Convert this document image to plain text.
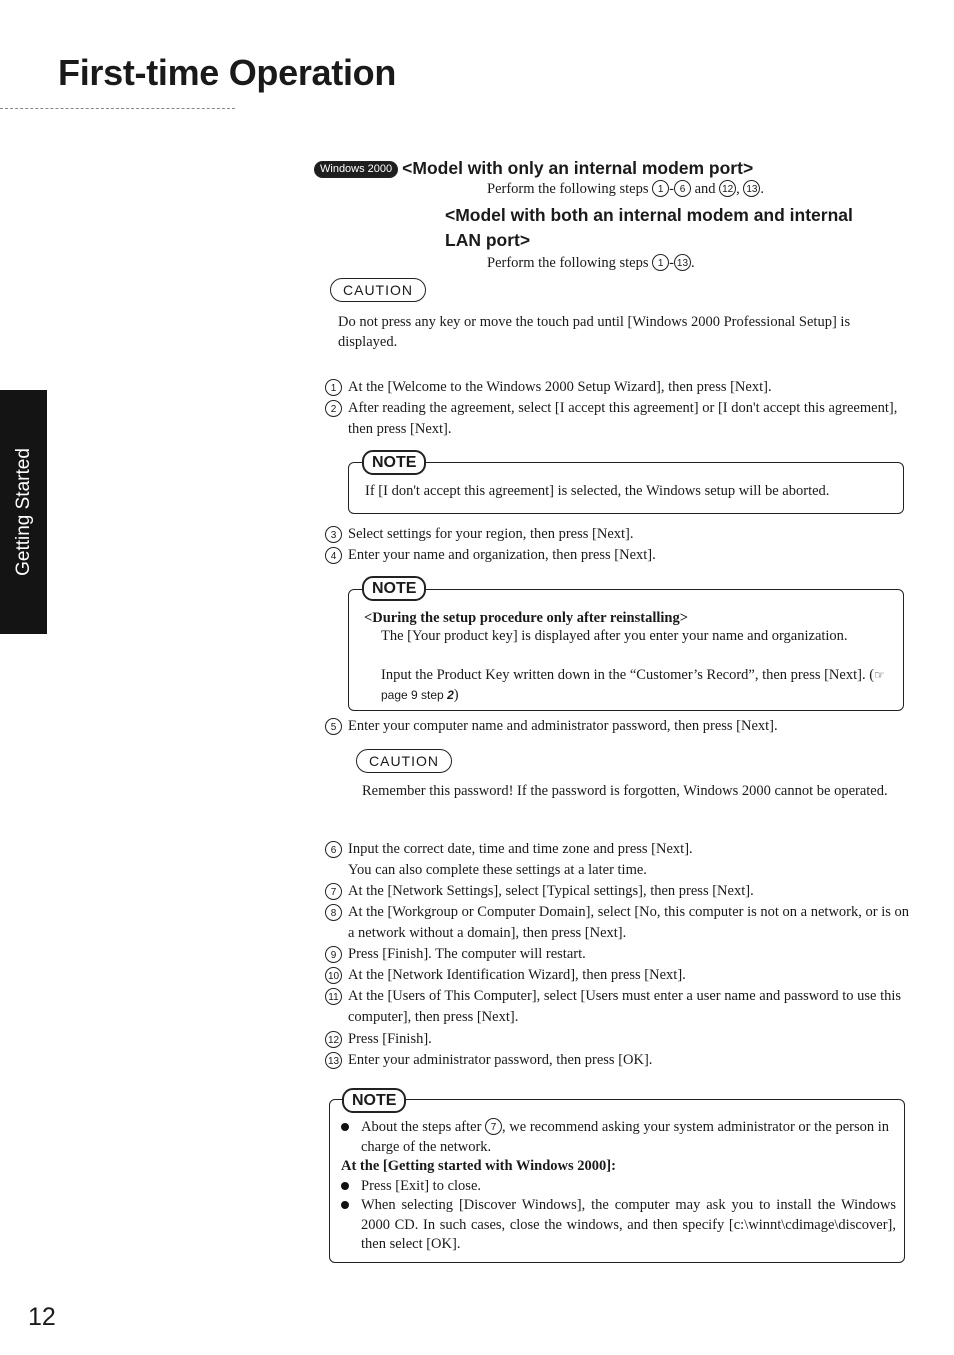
First-time Operation
Getting Started
Windows 2000 <Model with only an internal modem port>
Perform the following steps 1 - 6 and 12 , 13 .
<Model with both an internal modem and internal
LAN port>
Perform the following steps 1 - 13 .
CAUTION
Do not press any key or move the touch pad until [Windows 2000 Professional Setup] is displayed.
1 At the [Welcome to the Windows 2000 Setup Wizard], then press [Next].
2 After reading the agreement, select [I accept this agreement] or [I don't accept this agreement], then press [Next].
If [I don't accept this agreement] is selected, the Windows setup will be aborted.
NOTE
3 Select settings for your region, then press [Next].
4 Enter your name and organization, then press [Next].
<During the setup procedure only after reinstalling>
The [Your product key] is displayed after you enter your name and organization.
Input the Product Key written down in the “Customer’s Record”, then press [Next]. (☞ page 9 step 2)
NOTE
5 Enter your computer name and administrator password, then press [Next].
CAUTION
Remember this password! If the password is forgotten, Windows 2000 cannot be operated.
6 Input the correct date, time and time zone and press [Next].
You can also complete these settings at a later time.
7 At the [Network Settings], select [Typical settings], then press [Next].
8 At the [Workgroup or Computer Domain], select [No, this computer is not on a network, or is on a network without a domain], then press [Next].
9 Press [Finish]. The computer will restart.
10 At the [Network Identification Wizard], then press [Next].
11 At the [Users of This Computer], select [Users must enter a user name and password to use this computer], then press [Next].
12 Press [Finish].
13 Enter your administrator password, then press [OK].
NOTE
About the steps after 7 , we recommend asking your system administrator or the person in charge of the network.
At the [Getting started with Windows 2000]:
Press [Exit] to close.
When selecting [Discover Windows], the computer may ask you to install the Windows 2000 CD. In such cases, close the windows, and then specify [c:\winnt\cdimage\discover], then select [OK].
12
